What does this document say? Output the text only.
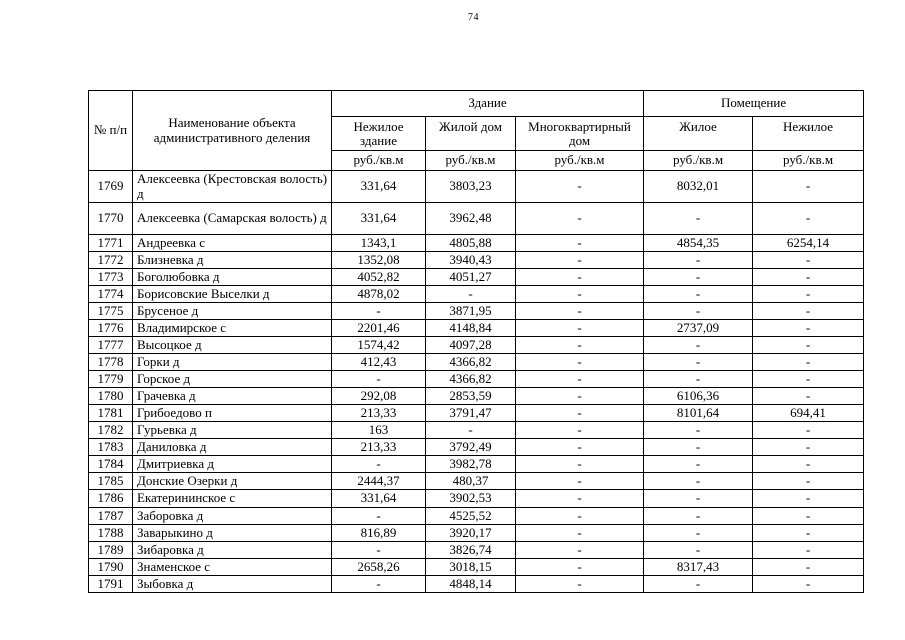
74
№ п/п	Наименование объекта административного деления	Здание			Помещение	
		Нежилое здание	Жилой дом	Многоквартирный дом	Жилое	Нежилое
		руб./кв.м	руб./кв.м	руб./кв.м	руб./кв.м	руб./кв.м
1769	Алексеевка (Крестовская волость) д	331,64	3803,23	-	8032,01	-
1770	Алексеевка (Самарская волость) д	331,64	3962,48	-	-	-
1771	Андреевка с	1343,1	4805,88	-	4854,35	6254,14
1772	Близневка д	1352,08	3940,43	-	-	-
1773	Боголюбовка д	4052,82	4051,27	-	-	-
1774	Борисовские Выселки д	4878,02	-	-	-	-
1775	Брусеное д	-	3871,95	-	-	-
1776	Владимирское с	2201,46	4148,84	-	2737,09	-
1777	Высоцкое д	1574,42	4097,28	-	-	-
1778	Горки д	412,43	4366,82	-	-	-
1779	Горское д	-	4366,82	-	-	-
1780	Грачевка д	292,08	2853,59	-	6106,36	-
1781	Грибоедово п	213,33	3791,47	-	8101,64	694,41
1782	Гурьевка д	163	-	-	-	-
1783	Даниловка д	213,33	3792,49	-	-	-
1784	Дмитриевка д	-	3982,78	-	-	-
1785	Донские Озерки д	2444,37	480,37	-	-	-
1786	Екатерининское с	331,64	3902,53	-	-	-
1787	Заборовка д	-	4525,52	-	-	-
1788	Заварыкино д	816,89	3920,17	-	-	-
1789	Зибаровка д	-	3826,74	-	-	-
1790	Знаменское с	2658,26	3018,15	-	8317,43	-
1791	Зыбовка д	-	4848,14	-	-	-
